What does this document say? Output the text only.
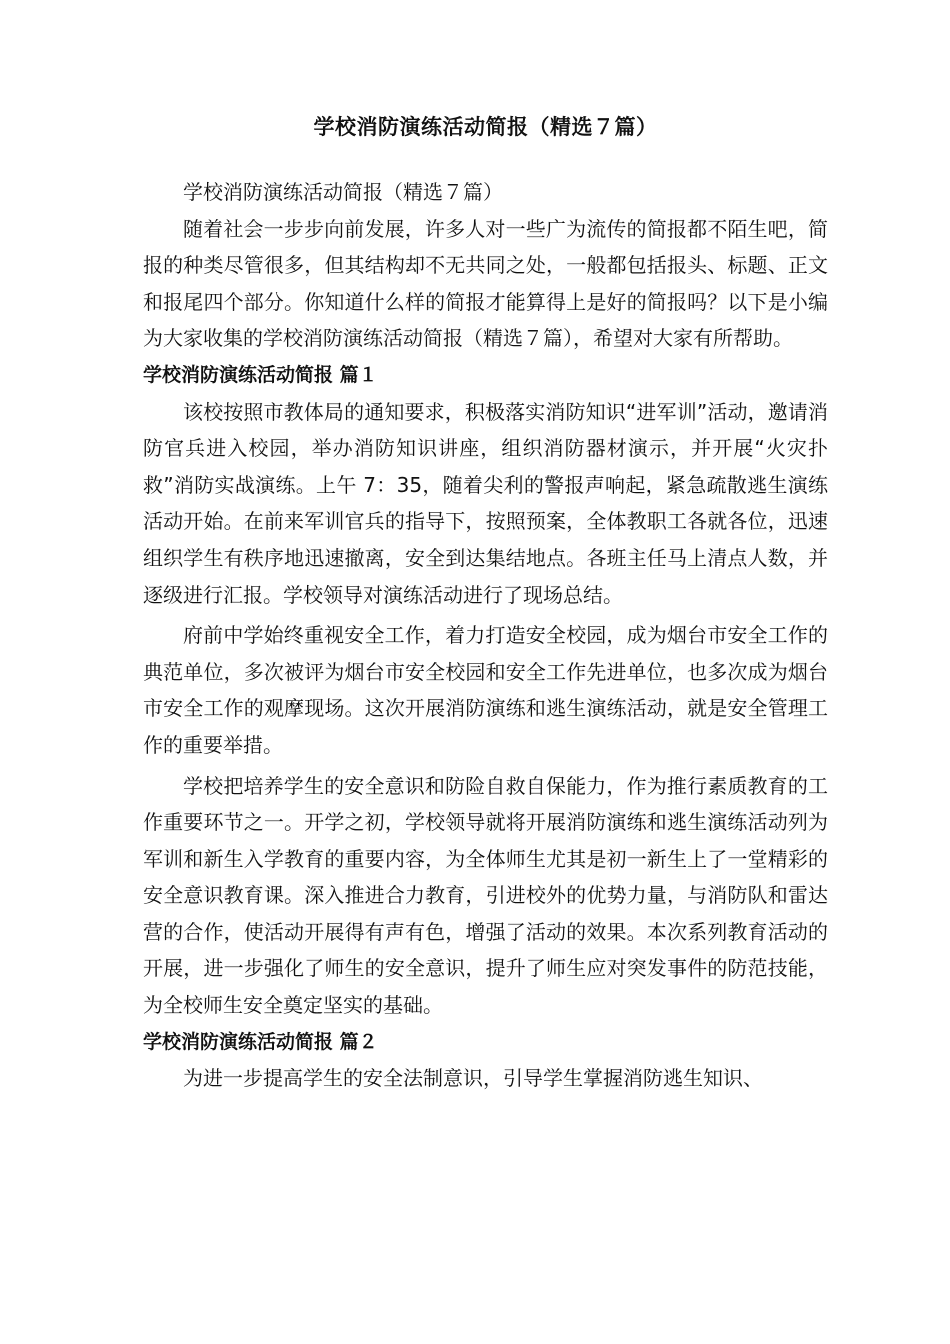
学校消防演练活动简报（精选７篇）

学校消防演练活动简报（精选７篇）

随着社会一步步向前发展，许多人对一些广为流传的简报都不陌生吧，简报的种类尽管很多，但其结构却不无共同之处，一般都包括报头、标题、正文和报尾四个部分。你知道什么样的简报才能算得上是好的简报吗？以下是小编为大家收集的学校消防演练活动简报（精选７篇），希望对大家有所帮助。

学校消防演练活动简报 篇１

该校按照市教体局的通知要求，积极落实消防知识“进军训”活动，邀请消防官兵进入校园，举办消防知识讲座，组织消防器材演示，并开展“火灾扑救”消防实战演练。上午 7：35，随着尖利的警报声响起，紧急疏散逃生演练活动开始。在前来军训官兵的指导下，按照预案，全体教职工各就各位，迅速组织学生有秩序地迅速撤离，安全到达集结地点。各班主任马上清点人数，并逐级进行汇报。学校领导对演练活动进行了现场总结。

府前中学始终重视安全工作，着力打造安全校园，成为烟台市安全工作的典范单位，多次被评为烟台市安全校园和安全工作先进单位，也多次成为烟台市安全工作的观摩现场。这次开展消防演练和逃生演练活动，就是安全管理工作的重要举措。

学校把培养学生的安全意识和防险自救自保能力，作为推行素质教育的工作重要环节之一。开学之初，学校领导就将开展消防演练和逃生演练活动列为军训和新生入学教育的重要内容，为全体师生尤其是初一新生上了一堂精彩的安全意识教育课。深入推进合力教育，引进校外的优势力量，与消防队和雷达营的合作，使活动开展得有声有色，增强了活动的效果。本次系列教育活动的开展，进一步强化了师生的安全意识，提升了师生应对突发事件的防范技能，为全校师生安全奠定坚实的基础。

学校消防演练活动简报 篇２

为进一步提高学生的安全法制意识，引导学生掌握消防逃生知识、
